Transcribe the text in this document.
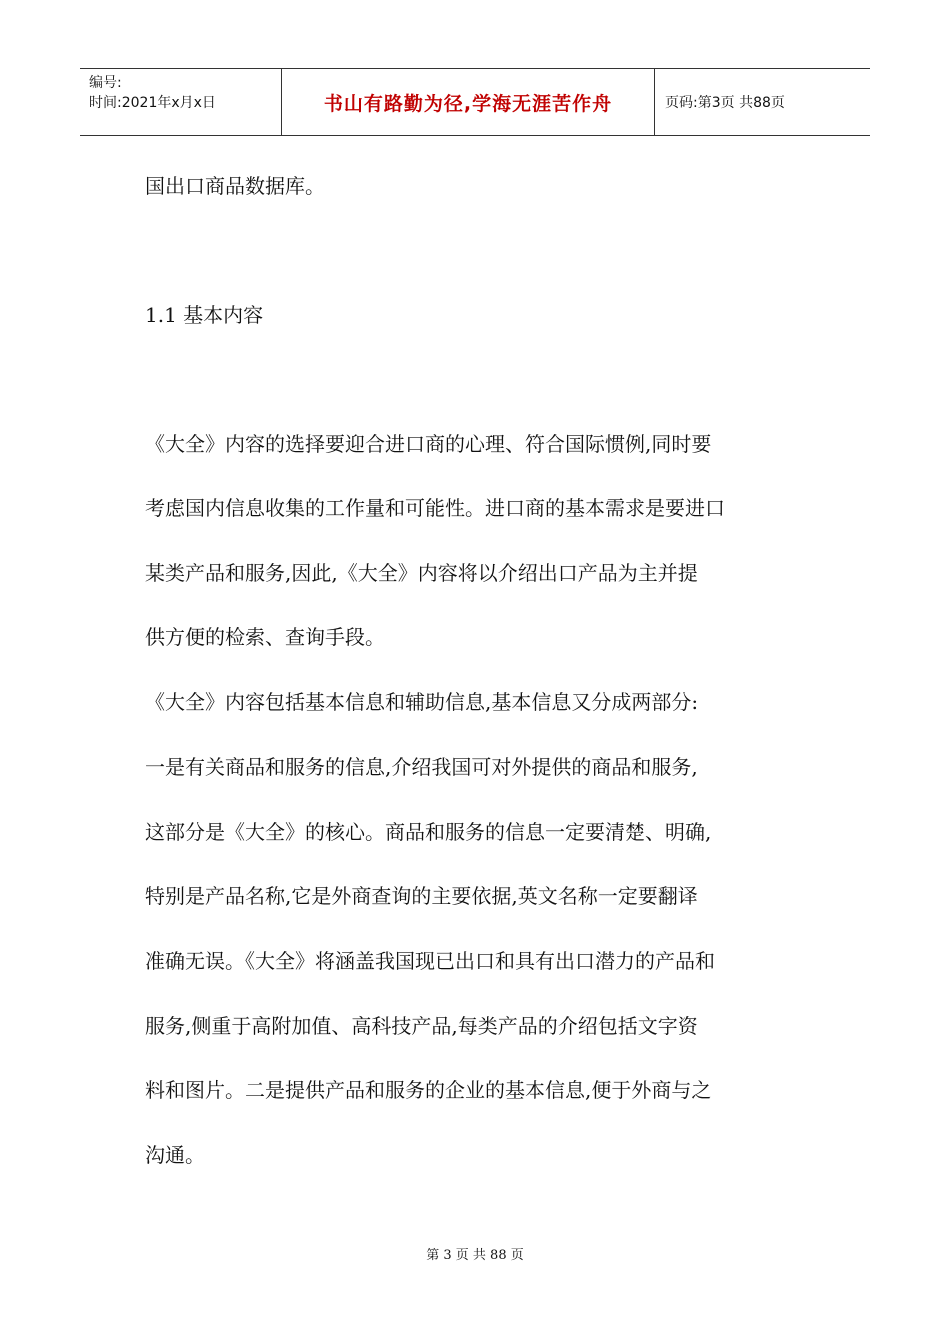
编号:
时间:2021年x月x日	书山有路勤为径,学海无涯苦作舟	页码:第3页 共88页
国出口商品数据库。
1.1 基本内容
《大全》内容的选择要迎合进口商的心理、符合国际惯例,同时要
考虑国内信息收集的工作量和可能性。进口商的基本需求是要进口
某类产品和服务,因此,《大全》内容将以介绍出口产品为主并提
供方便的检索、查询手段。
《大全》内容包括基本信息和辅助信息,基本信息又分成两部分:
一是有关商品和服务的信息,介绍我国可对外提供的商品和服务,
这部分是《大全》的核心。商品和服务的信息一定要清楚、明确,
特别是产品名称,它是外商查询的主要依据,英文名称一定要翻译
准确无误。《大全》将涵盖我国现已出口和具有出口潜力的产品和
服务,侧重于高附加值、高科技产品,每类产品的介绍包括文字资
料和图片。二是提供产品和服务的企业的基本信息,便于外商与之
沟通。
第 3 页 共 88 页
